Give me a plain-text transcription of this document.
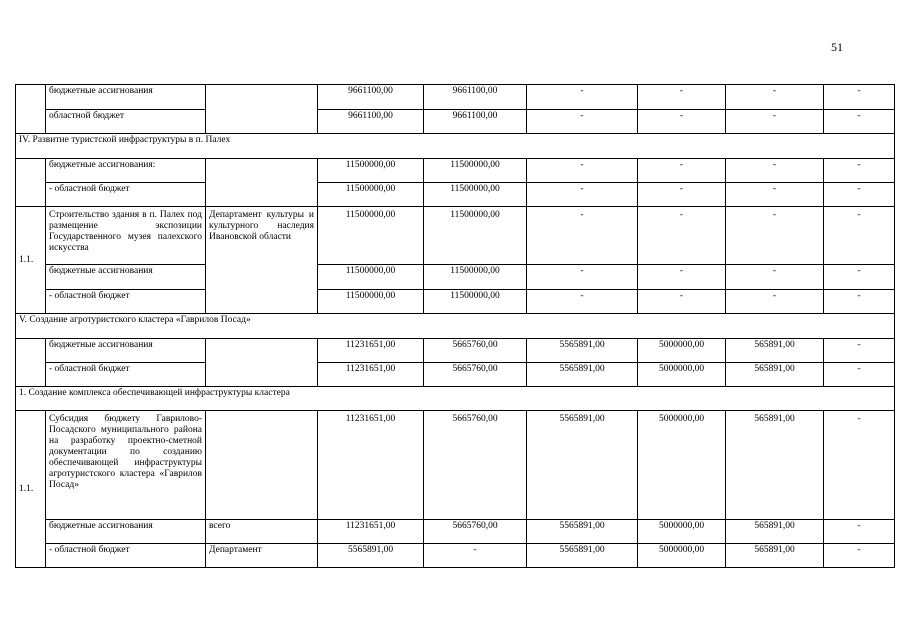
51
	бюджетные ассигнования		9661100,00	9661100,00	-	-	-	-
	областной бюджет		9661100,00	9661100,00	-	-	-	-
IV. Развитие туристской инфраструктуры в п. Палех								
	бюджетные ассигнования:		11500000,00	11500000,00	-	-	-	-
	- областной бюджет		11500000,00	11500000,00	-	-	-	-
1.1.	Строительство здания в п. Палех под размещение экспозиции Государственного музея палехского искусства	Департамент культуры и культурного наследия Ивановской области	11500000,00	11500000,00	-	-	-	-
	бюджетные ассигнования		11500000,00	11500000,00	-	-	-	-
	- областной бюджет		11500000,00	11500000,00	-	-	-	-
V. Создание агротуристского кластера «Гаврилов Посад»								
	бюджетные ассигнования		11231651,00	5665760,00	5565891,00	5000000,00	565891,00	-
	- областной бюджет		11231651,00	5665760,00	5565891,00	5000000,00	565891,00	-
1. Создание комплекса обеспечивающей инфраструктуры кластера								
1.1.	Субсидия бюджету Гаврилово-Посадского муниципального района на разработку проектно-сметной документации по созданию обеспечивающей инфраструктуры агротуристского кластера «Гаврилов Посад»		11231651,00	5665760,00	5565891,00	5000000,00	565891,00	-
	бюджетные ассигнования	всего	11231651,00	5665760,00	5565891,00	5000000,00	565891,00	-
	- областной бюджет	Департамент	5565891,00	-	5565891,00	5000000,00	565891,00	-
